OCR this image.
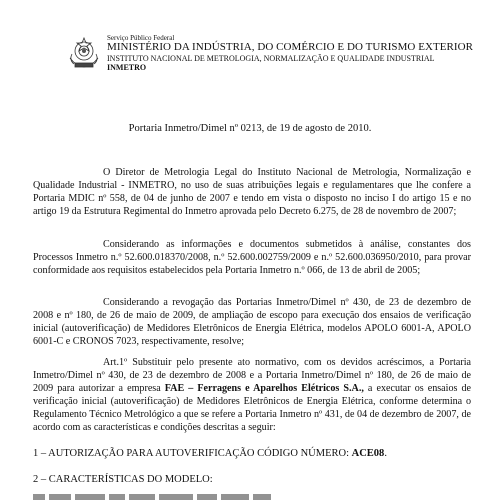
Serviço Público Federal
MINISTÉRIO DA INDÚSTRIA, DO COMÉRCIO E DO TURISMO EXTERIOR
INSTITUTO NACIONAL DE METROLOGIA, NORMALIZAÇÃO E QUALIDADE INDUSTRIAL
INMETRO
Portaria Inmetro/Dimel nº 0213, de 19 de agosto de 2010.

O Diretor de Metrologia Legal do Instituto Nacional de Metrologia, Normalização e Qualidade Industrial - INMETRO, no uso de suas atribuições legais e regulamentares que lhe confere a Portaria MDIC nº 558, de 04 de junho de 2007 e tendo em vista o disposto no inciso I do artigo 15 e no artigo 19 da Estrutura Regimental do Inmetro aprovada pelo Decreto 6.275, de 28 de novembro de 2007;

Considerando as informações e documentos submetidos à análise, constantes dos Processos Inmetro n.º 52.600.018370/2008, n.º 52.600.002759/2009 e n.º 52.600.036950/2010, para provar conformidade aos requisitos estabelecidos pela Portaria Inmetro n.º 066, de 13 de abril de 2005;

Considerando a revogação das Portarias Inmetro/Dimel nº 430, de 23 de dezembro de 2008 e nº 180, de 26 de maio de 2009, de ampliação de escopo para execução dos ensaios de verificação inicial (autoverificação) de Medidores Eletrônicos de Energia Elétrica, modelos APOLO 6001-A, APOLO 6001-C e CRONOS 7023, respectivamente, resolve;

Art.1º Substituir pelo presente ato normativo, com os devidos acréscimos, a Portaria Inmetro/Dimel nº 430, de 23 de dezembro de 2008 e a Portaria Inmetro/Dimel nº 180, de 26 de maio de 2009 para autorizar a empresa FAE – Ferragens e Aparelhos Elétricos S.A., a executar os ensaios de verificação inicial (autoverificação) de Medidores Eletrônicos de Energia Elétrica, conforme determina o Regulamento Técnico Metrológico a que se refere a Portaria Inmetro nº 431, de 04 de dezembro de 2007, de acordo com as características e condições descritas a seguir:

1 – AUTORIZAÇÃO PARA AUTOVERIFICAÇÃO CÓDIGO NÚMERO: ACE08.
2 – CARACTERÍSTICAS DO MODELO:
